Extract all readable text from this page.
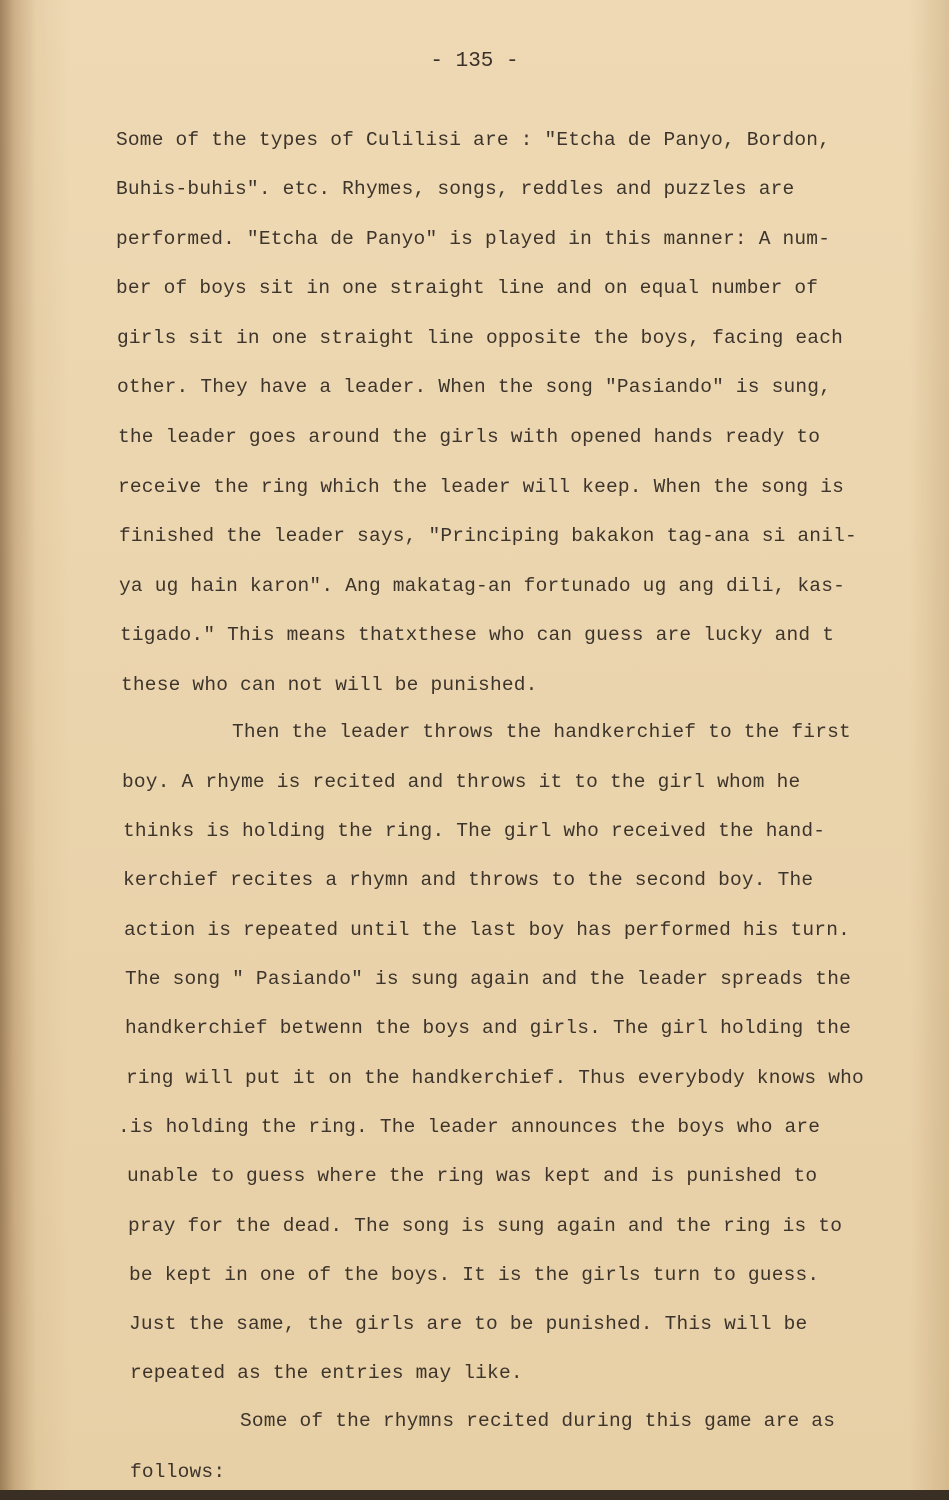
- 135 -
Some of the types of Culilisi are : "Etcha de Panyo, Bordon,
Buhis-buhis". etc. Rhymes, songs, reddles and puzzles are
performed. "Etcha de Panyo" is played in this manner: A num-
ber of boys sit in one straight line and on equal number of
girls sit in one straight line opposite the boys, facing each
other. They have a leader. When the song "Pasiando" is sung,
the leader goes around the girls with opened hands ready to
receive the ring which the leader will keep. When the song is
finished the leader says, "Principing bakakon tag-ana si anil-
ya ug hain karon". Ang makatag-an fortunado ug ang dili, kas-
tigado." This means thatxthese who can guess are lucky and t
these who can not will be punished.
Then the leader throws the handkerchief to the first
boy. A rhyme is recited and throws it to the girl whom he
thinks is holding the ring. The girl who received the hand-
kerchief recites a rhymn and throws to the second boy. The
action is repeated until the last boy has performed his turn.
The song " Pasiando" is sung again and the leader spreads the
handkerchief betwenn the boys and girls. The girl holding the
ring will put it on the handkerchief. Thus everybody knows who
.is holding the ring. The leader announces the boys who are
unable to guess where the ring was kept and is punished to
pray for the dead. The song is sung again and the ring is to
be kept in one of the boys. It is the girls turn to guess.
Just the same, the girls are to be punished. This will be
repeated as the entries may like.
Some of the rhymns recited during this game are as
follows:
